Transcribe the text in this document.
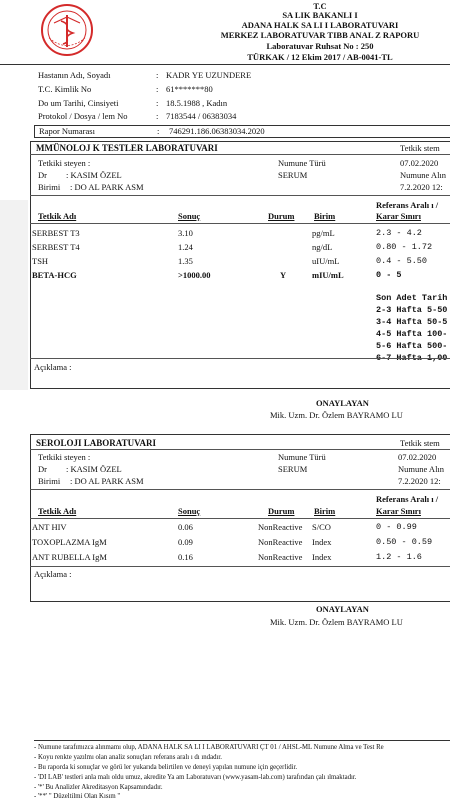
T.C
SA LIK BAKANLI I
ADANA HALK SA LI I LABORATUVARI
MERKEZ LABORATUVAR TIBB ANAL Z RAPORU
Laboratuvar Ruhsat No : 250
TÜRKAK / 12 Ekim 2017 / AB-0041-TL
Hastanın Adı, Soyadı	: KADR YE UZUNDERE
T.C. Kimlik No	: 61*******80
Do um Tarihi, Cinsiyeti	: 18.5.1988 , Kadın
Protokol / Dosya / lem No	: 7183544 / 06383034
Rapor Numarası	: 746291.186.06383034.2020
MMÜNOLOJ K TESTLER LABORATUVARI	Tetkik stem
Tetkiki steyen :	Numune Türü	07.02.2020
Dr : KASIM ÖZEL	SERUM	Numune Alın
Birimi : DO AL PARK ASM	7.2.2020 12:
Referans Aralı ı /
Tetkik Adı	Sonuç	Durum Birim	Karar Sınırı
SERBEST T3	3.10	pg/mL	2.3 - 4.2
SERBEST T4	1.24	ng/dL	0.80 - 1.72
TSH	1.35	uIU/mL	0.4 - 5.50
BETA-HCG	>1000.00	Y	mIU/mL	0 - 5
Son Adet Tarih
2-3 Hafta 5-50
3-4 Hafta 50-5
4-5 Hafta 100-
5-6 Hafta 500-
6-7 Hafta 1,00
Açıklama :
ONAYLAYAN
Mik. Uzm. Dr. Özlem BAYRAMO LU
SEROLOJI LABORATUVARI	Tetkik stem
Tetkiki steyen :	Numune Türü	07.02.2020
Dr : KASIM ÖZEL	SERUM	Numune Alın
Birimi : DO AL PARK ASM	7.2.2020 12:
Referans Aralı ı /
Tetkik Adı	Sonuç	Durum Birim	Karar Sınırı
ANT HIV	0.06	NonReactive S/CO	0 - 0.99
TOXOPLAZMA IgM	0.09	NonReactive Index	0.50 - 0.59
ANT RUBELLA IgM	0.16	NonReactive Index	1.2 - 1.6
Açıklama :
ONAYLAYAN
Mik. Uzm. Dr. Özlem BAYRAMO LU
- Numune tarafımızca alınmamı olup, ADANA HALK SA LI I LABORATUVARI ÇT 01 / AHSL-ML Numune Alma ve Test Re
- Koyu renkte yazılmı olan analiz sonuçları referans aralı ı dı ındadır.
- Bu raporda ki sonuçlar ve görü ler yukarıda belirtilen ve deneyi yapılan numune için geçerlidir.
- 'DI LAB' testleri anla malı oldu umuz, akredite Ya am Laboratuvarı (www.yasam-lab.com) tarafından çalı ılmaktadır.
- '*' Bu Analizler Akreditasyon Kapsamındadır.
- '**' " Düzeltilmi Olan Kısım "
